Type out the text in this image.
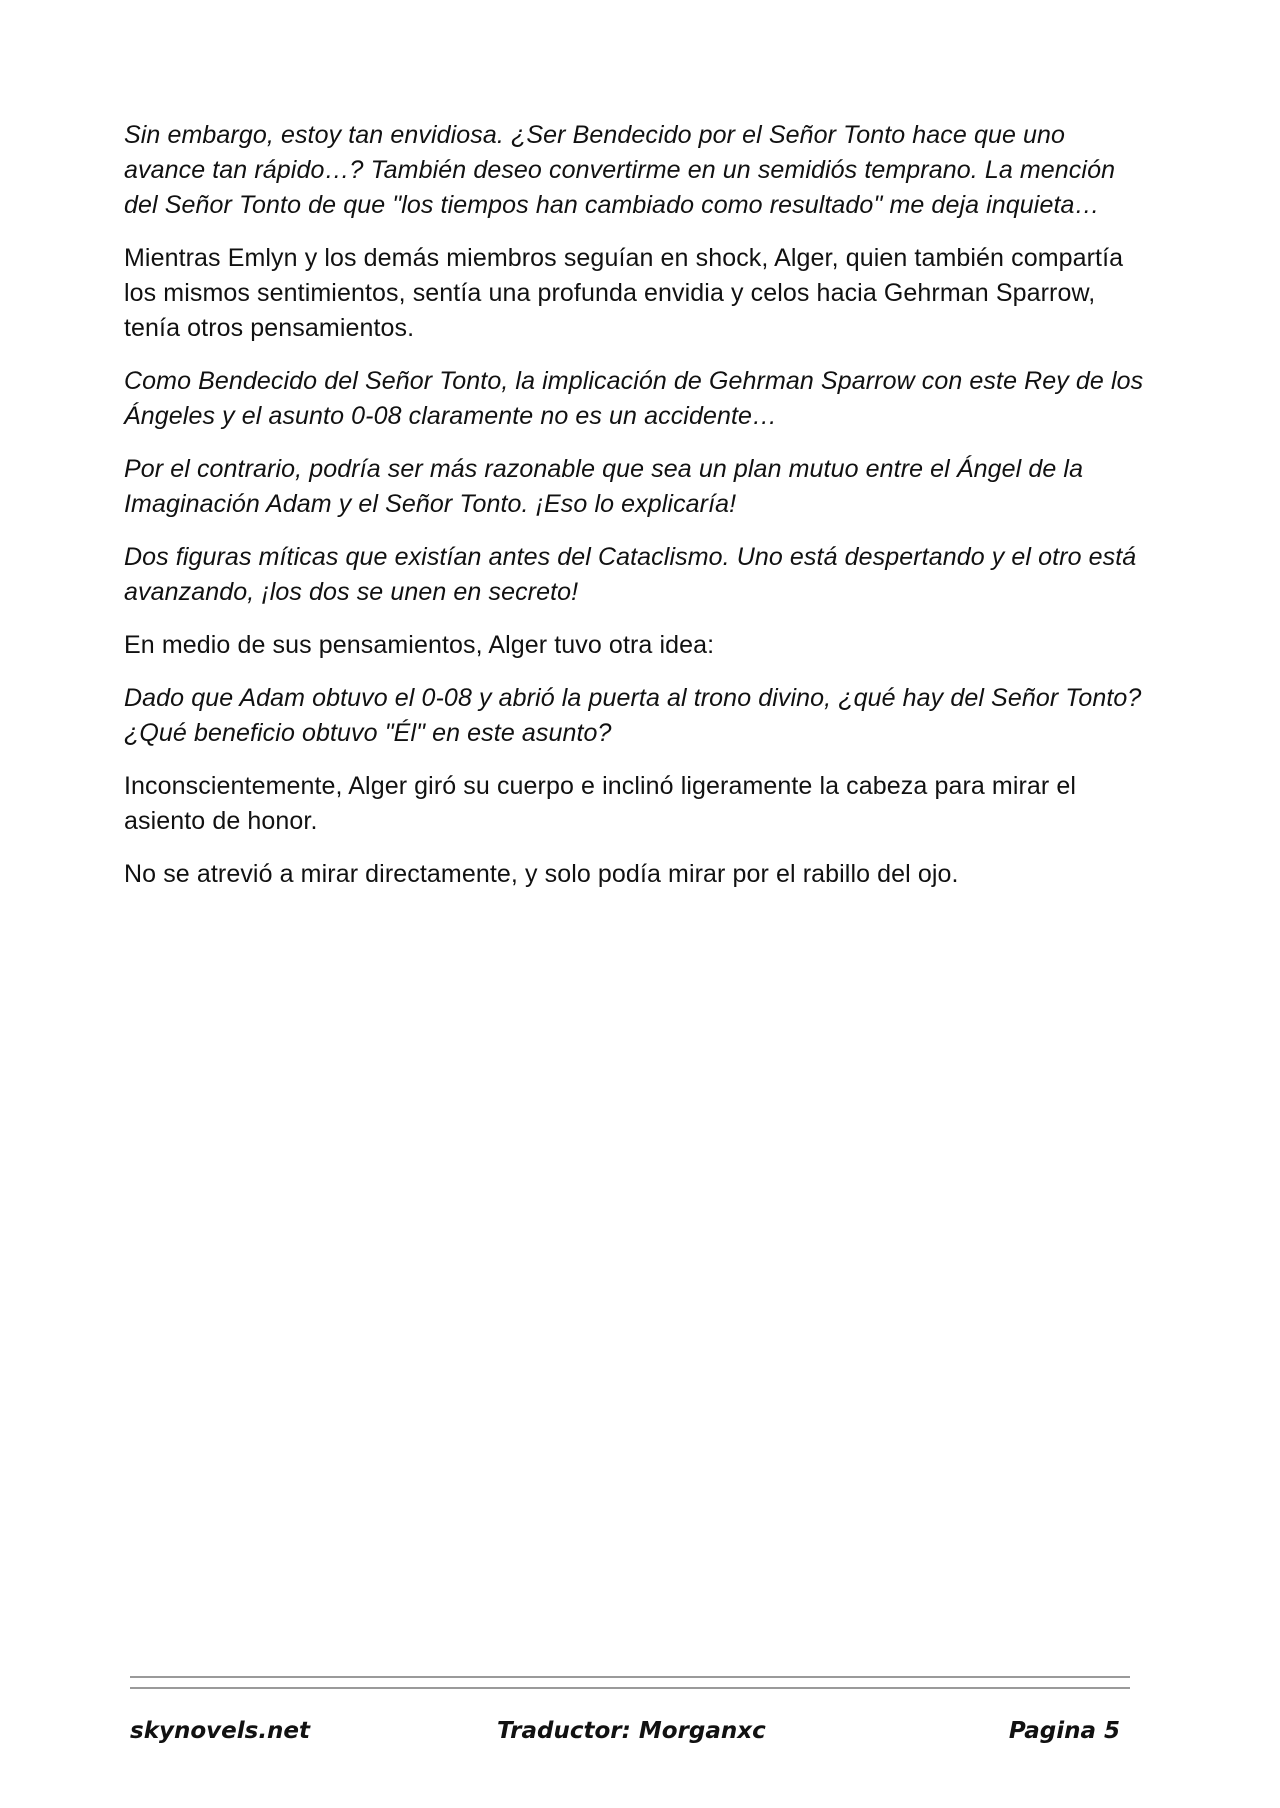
Sin embargo, estoy tan envidiosa. ¿Ser Bendecido por el Señor Tonto hace que uno avance tan rápido…? También deseo convertirme en un semidiós temprano. La mención del Señor Tonto de que "los tiempos han cambiado como resultado" me deja inquieta…

Mientras Emlyn y los demás miembros seguían en shock, Alger, quien también compartía los mismos sentimientos, sentía una profunda envidia y celos hacia Gehrman Sparrow, tenía otros pensamientos.

Como Bendecido del Señor Tonto, la implicación de Gehrman Sparrow con este Rey de los Ángeles y el asunto 0-08 claramente no es un accidente…

Por el contrario, podría ser más razonable que sea un plan mutuo entre el Ángel de la Imaginación Adam y el Señor Tonto. ¡Eso lo explicaría!

Dos figuras míticas que existían antes del Cataclismo. Uno está despertando y el otro está avanzando, ¡los dos se unen en secreto!

En medio de sus pensamientos, Alger tuvo otra idea:

Dado que Adam obtuvo el 0-08 y abrió la puerta al trono divino, ¿qué hay del Señor Tonto? ¿Qué beneficio obtuvo "Él" en este asunto?

Inconscientemente, Alger giró su cuerpo e inclinó ligeramente la cabeza para mirar el asiento de honor.

No se atrevió a mirar directamente, y solo podía mirar por el rabillo del ojo.

skynovels.net	Traductor: Morganxc	Pagina 5
